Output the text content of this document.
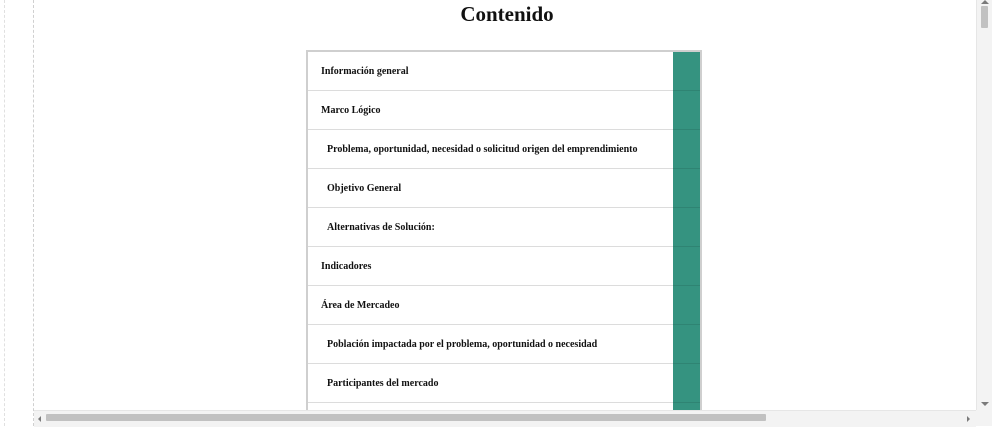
Contenido
Información general
Marco Lógico
Problema, oportunidad, necesidad o solicitud origen del emprendimiento
Objetivo General
Alternativas de Solución:
Indicadores
Área de Mercadeo
Población impactada por el problema, oportunidad o necesidad
Participantes del mercado
